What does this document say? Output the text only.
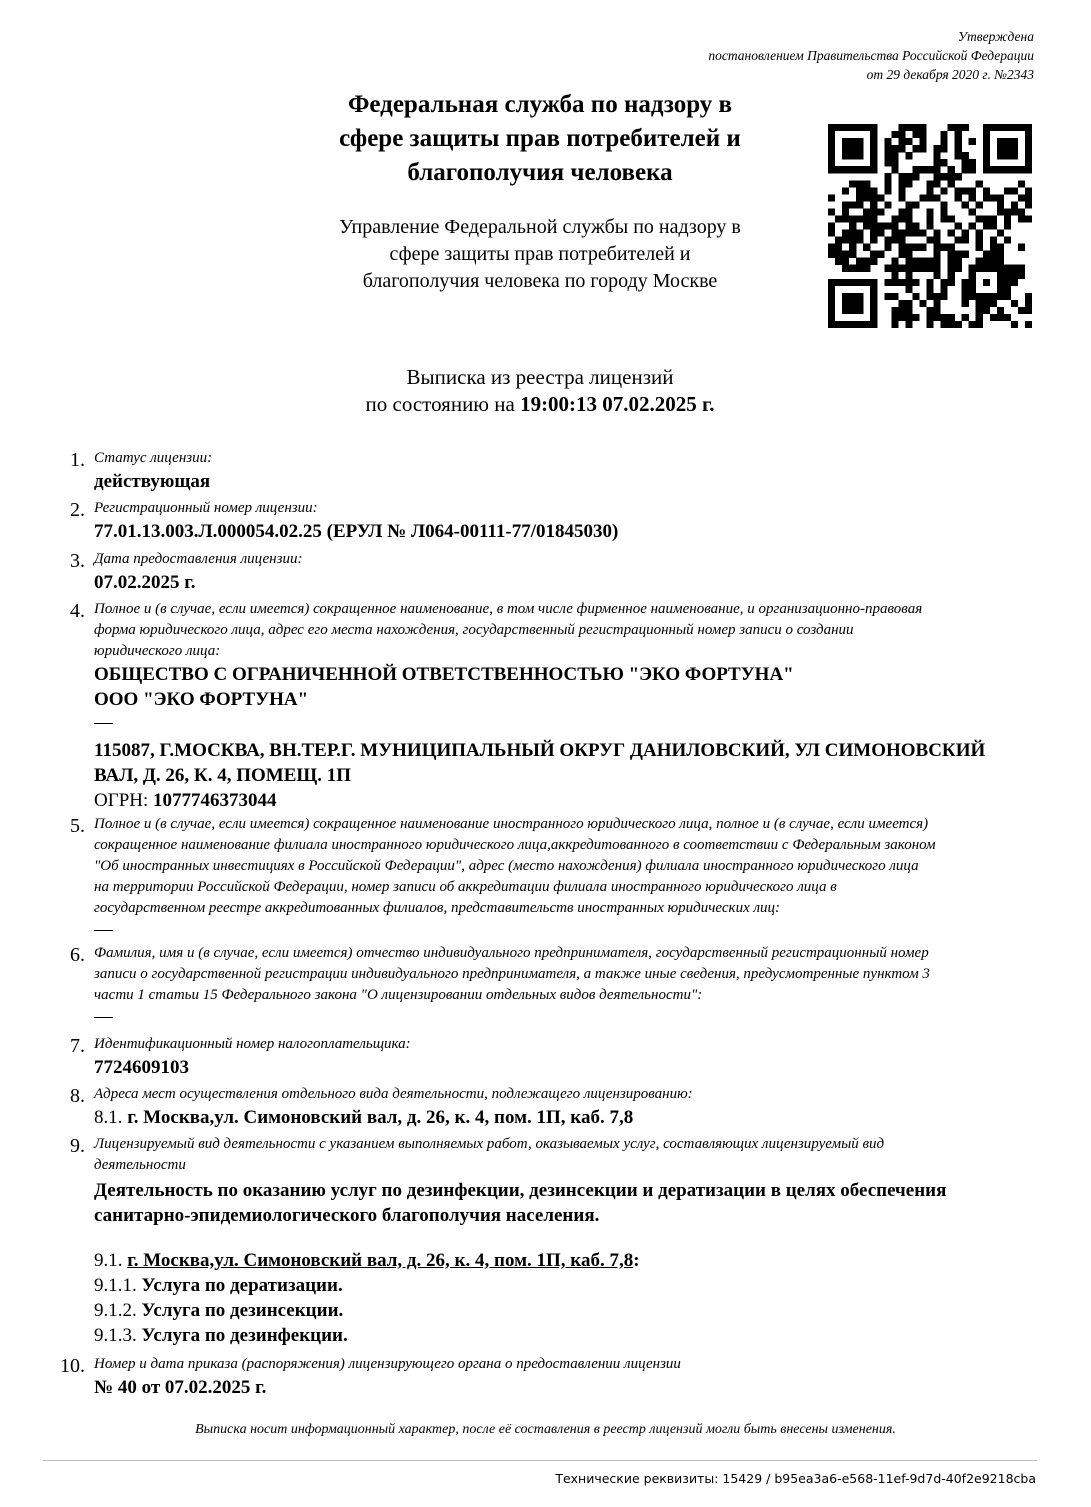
Утверждена
постановлением Правительства Российской Федерации
от 29 декабря 2020 г. №2343
Федеральная служба по надзору в
сфере защиты прав потребителей и
благополучия человека
Управление Федеральной службы по надзору в
сфере защиты прав потребителей и
благополучия человека по городу Москве
Выписка из реестра лицензий
по состоянию на 19:00:13 07.02.2025 г.
1. Статус лицензии:
действующая
2. Регистрационный номер лицензии:
77.01.13.003.Л.000054.02.25 (ЕРУЛ № Л064-00111-77/01845030)
3. Дата предоставления лицензии:
07.02.2025 г.
4. Полное и (в случае, если имеется) сокращенное наименование, в том числе фирменное наименование, и организационно-правовая
форма юридического лица, адрес его места нахождения, государственный регистрационный номер записи о создании
юридического лица:
ОБЩЕСТВО С ОГРАНИЧЕННОЙ ОТВЕТСТВЕННОСТЬЮ "ЭКО ФОРТУНА"
ООО "ЭКО ФОРТУНА"
—
115087, Г.МОСКВА, ВН.ТЕР.Г. МУНИЦИПАЛЬНЫЙ ОКРУГ ДАНИЛОВСКИЙ, УЛ СИМОНОВСКИЙ
ВАЛ, Д. 26, К. 4, ПОМЕЩ. 1П
ОГРН: 1077746373044
5. Полное и (в случае, если имеется) сокращенное наименование иностранного юридического лица, полное и (в случае, если имеется)
сокращенное наименование филиала иностранного юридического лица,аккредитованного в соответствии с Федеральным законом
"Об иностранных инвестициях в Российской Федерации", адрес (место нахождения) филиала иностранного юридического лица
на территории Российской Федерации, номер записи об аккредитации филиала иностранного юридического лица в
государственном реестре аккредитованных филиалов, представительств иностранных юридических лиц:
—
6. Фамилия, имя и (в случае, если имеется) отчество индивидуального предпринимателя, государственный регистрационный номер
записи о государственной регистрации индивидуального предпринимателя, а также иные сведения, предусмотренные пунктом 3
части 1 статьи 15 Федерального закона "О лицензировании отдельных видов деятельности":
—
7. Идентификационный номер налогоплательщика:
7724609103
8. Адреса мест осуществления отдельного вида деятельности, подлежащего лицензированию:
8.1. г. Москва,ул. Симоновский вал, д. 26, к. 4, пом. 1П, каб. 7,8
9. Лицензируемый вид деятельности с указанием выполняемых работ, оказываемых услуг, составляющих лицензируемый вид
деятельности
Деятельность по оказанию услуг по дезинфекции, дезинсекции и дератизации в целях обеспечения
санитарно-эпидемиологического благополучия населения.
9.1. г. Москва,ул. Симоновский вал, д. 26, к. 4, пом. 1П, каб. 7,8:
9.1.1. Услуга по дератизации.
9.1.2. Услуга по дезинсекции.
9.1.3. Услуга по дезинфекции.
10. Номер и дата приказа (распоряжения) лицензирующего органа о предоставлении лицензии
№ 40 от 07.02.2025 г.
Выписка носит информационный характер, после её составления в реестр лицензий могли быть внесены изменения.
Технические реквизиты: 15429 / b95ea3a6-e568-11ef-9d7d-40f2e9218cba
